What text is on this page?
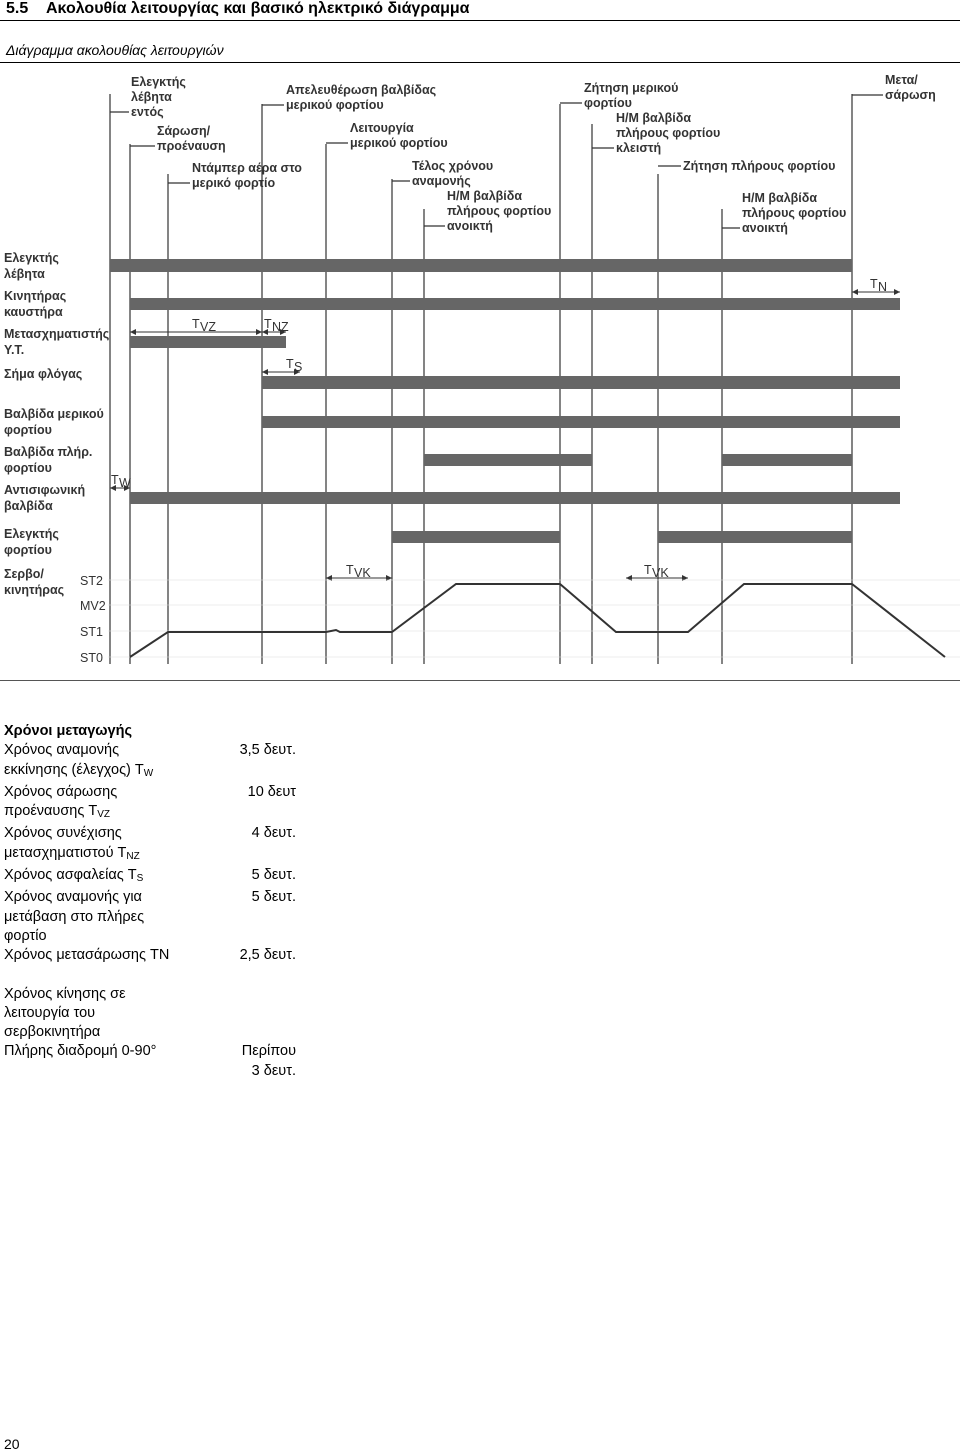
5.5 Ακολουθία λειτουργίας και βασικό ηλεκτρικό διάγραμμα
Διάγραμμα ακολουθίας λειτουργιών
Ελεγκτής
λέβητα
εντός
Σάρωση/
προέναυση
Ντάμπερ αέρα στο
μερικό φορτίο
Απελευθέρωση βαλβίδας
μερικού φορτίου
Λειτουργία
μερικού φορτίου
Τέλος χρόνου
αναμονής
Η/Μ βαλβίδα
πλήρους φορτίου
ανοικτή
Ζήτηση μερικού
φορτίου
Η/Μ βαλβίδα
πλήρους φορτίου
κλειστή
Ζήτηση πλήρους φορτίου
Η/Μ βαλβίδα
πλήρους φορτίου
ανοικτή
Μετα/
σάρωση
Ελεγκτής
λέβητα
Κινητήρας
καυστήρα
Μετασχηματιστής
Υ.Τ.
Σήμα φλόγας
Βαλβίδα μερικού
φορτίου
Βαλβίδα πλήρ.
φορτίου
Αντισιφωνική
βαλβίδα
Ελεγκτής
φορτίου
Σερβο/
κινητήρας
T VZ	T NZ
T S
T W
T N
T VK	T VK
ST2
MV2
ST1
ST0
Χρόνοι μεταγωγής
Χρόνος αναμονής
εκκίνησης (έλεγχος) $T_W$
3,5 δευτ.
Χρόνος σάρωσης
προέναυσης $T_{VZ}$
10 δευτ
Χρόνος συνέχισης
μετασχηματιστού $T_{NZ}$
4 δευτ.
Χρόνος ασφαλείας $T_S$	5 δευτ.
Χρόνος αναμονής για
μετάβαση στο πλήρες
φορτίο
5 δευτ.
Χρόνος μετασάρωσης TN	2,5 δευτ.
Χρόνος κίνησης σε
λειτουργία του
σερβοκινητήρα
Πλήρης διαδρομή 0-90°	Περίπου
3 δευτ.
20
